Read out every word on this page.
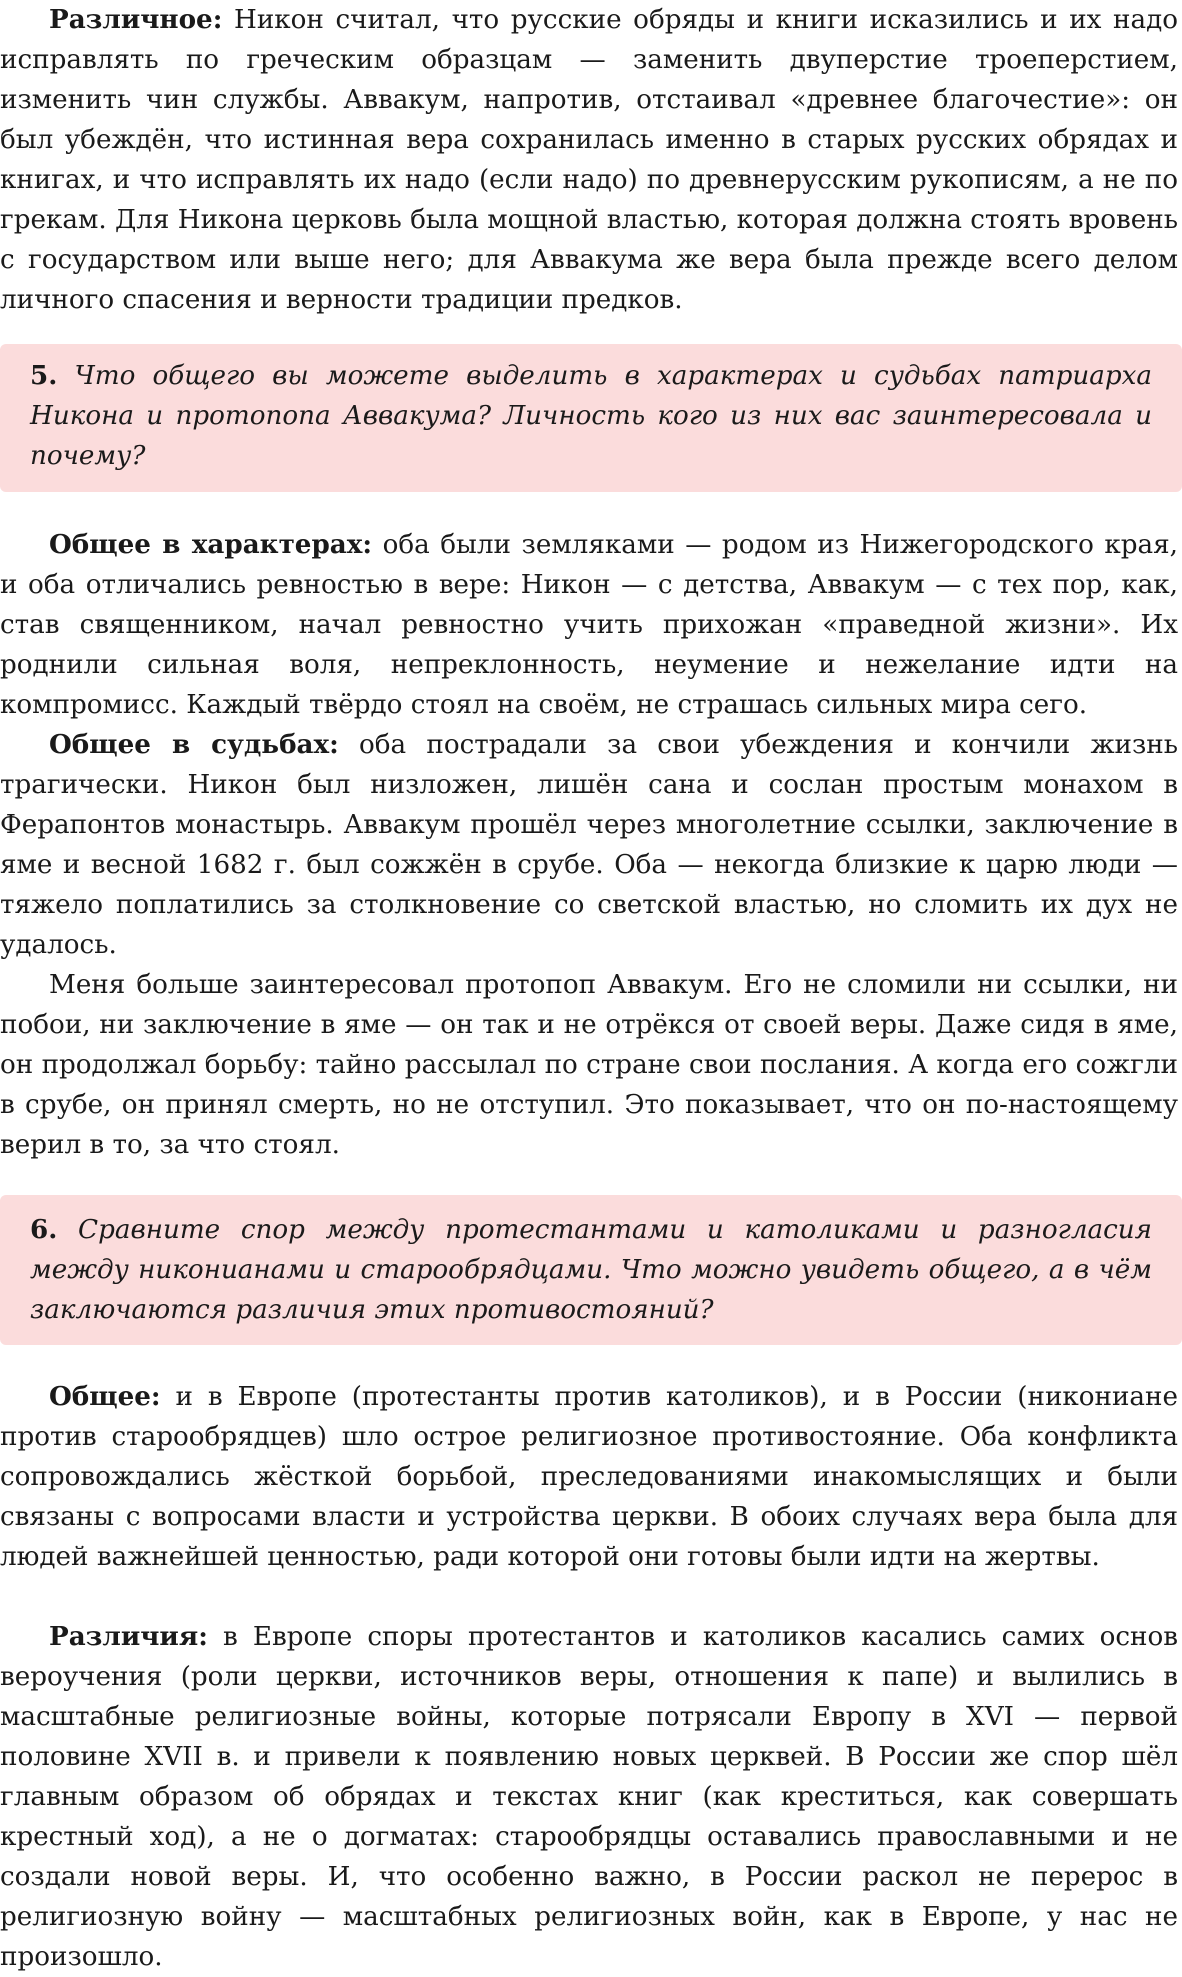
Различное: Никон считал, что русские обряды и книги исказились и их надо исправлять по греческим образцам — заменить двуперстие троеперстием, изменить чин службы. Аввакум, напротив, отстаивал «древнее благочестие»: он был убеждён, что истинная вера сохранилась именно в старых русских обрядах и книгах, и что исправлять их надо (если надо) по древнерусским рукописям, а не по грекам. Для Никона церковь была мощной властью, которая должна стоять вровень с государством или выше него; для Аввакума же вера была прежде всего делом личного спасения и верности традиции предков.

5. Что общего вы можете выделить в характерах и судьбах патриарха Никона и протопопа Аввакума? Личность кого из них вас заинтересовала и почему?

Общее в характерах: оба были земляками — родом из Нижегородского края, и оба отличались ревностью в вере: Никон — с детства, Аввакум — с тех пор, как, став священником, начал ревностно учить прихожан «праведной жизни». Их роднили сильная воля, непреклонность, неумение и нежелание идти на компромисс. Каждый твёрдо стоял на своём, не страшась сильных мира сего.

Общее в судьбах: оба пострадали за свои убеждения и кончили жизнь трагически. Никон был низложен, лишён сана и сослан простым монахом в Ферапонтов монастырь. Аввакум прошёл через многолетние ссылки, заключение в яме и весной 1682 г. был сожжён в срубе. Оба — некогда близкие к царю люди — тяжело поплатились за столкновение со светской властью, но сломить их дух не удалось.

Меня больше заинтересовал протопоп Аввакум. Его не сломили ни ссылки, ни побои, ни заключение в яме — он так и не отрёкся от своей веры. Даже сидя в яме, он продолжал борьбу: тайно рассылал по стране свои послания. А когда его сожгли в срубе, он принял смерть, но не отступил. Это показывает, что он по-настоящему верил в то, за что стоял.

6. Сравните спор между протестантами и католиками и разногласия между никонианами и старообрядцами. Что можно увидеть общего, а в чём заключаются различия этих противостояний?

Общее: и в Европе (протестанты против католиков), и в России (никониане против старообрядцев) шло острое религиозное противостояние. Оба конфликта сопровождались жёсткой борьбой, преследованиями инакомыслящих и были связаны с вопросами власти и устройства церкви. В обоих случаях вера была для людей важнейшей ценностью, ради которой они готовы были идти на жертвы.

Различия: в Европе споры протестантов и католиков касались самих основ вероучения (роли церкви, источников веры, отношения к папе) и вылились в масштабные религиозные войны, которые потрясали Европу в XVI — первой половине XVII в. и привели к появлению новых церквей. В России же спор шёл главным образом об обрядах и текстах книг (как креститься, как совершать крестный ход), а не о догматах: старообрядцы оставались православными и не создали новой веры. И, что особенно важно, в России раскол не перерос в религиозную войну — масштабных религиозных войн, как в Европе, у нас не произошло.
